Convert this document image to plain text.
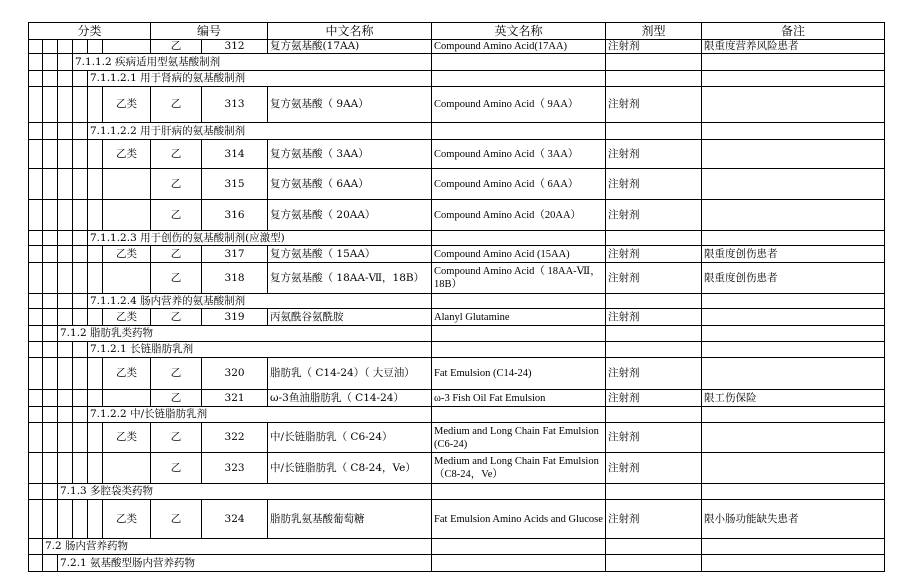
分类						编号		中文名称	英文名称	剂型	备注
						乙	312	复方氨基酸(17AA)	Compound Amino Acid(17AA)	注射剂	限重度营养风险患者
			7.1.1.2 疾病适用型氨基酸制剂								
				7.1.1.2.1 用于肾病的氨基酸制剂							
					乙类	乙	313	复方氨基酸（ 9AA）	Compound Amino Acid（ 9AA）	注射剂	
				7.1.1.2.2 用于肝病的氨基酸制剂							
					乙类	乙	314	复方氨基酸（ 3AA）	Compound Amino Acid（ 3AA）	注射剂	
						乙	315	复方氨基酸（ 6AA）	Compound Amino Acid（ 6AA）	注射剂	
						乙	316	复方氨基酸（ 20AA）	Compound Amino Acid（20AA）	注射剂	
				7.1.1.2.3 用于创伤的氨基酸制剂(应激型)							
					乙类	乙	317	复方氨基酸（ 15AA）	Compound Amino Acid (15AA)	注射剂	限重度创伤患者
						乙	318	复方氨基酸（ 18AA-Ⅶ，18B）	Compound Amino Acid（ 18AA-Ⅶ，18B）	注射剂	限重度创伤患者
				7.1.1.2.4 肠内营养的氨基酸制剂							
					乙类	乙	319	丙氨酰谷氨酰胺	Alanyl Glutamine	注射剂	
		7.1.2 脂肪乳类药物									
				7.1.2.1 长链脂肪乳剂							
					乙类	乙	320	脂肪乳（ C14-24）（ 大豆油）	Fat Emulsion (C14-24)	注射剂	
						乙	321	ω-3鱼油脂肪乳（ C14-24）	ω-3 Fish Oil Fat Emulsion	注射剂	限工伤保险
				7.1.2.2 中/长链脂肪乳剂							
					乙类	乙	322	中/长链脂肪乳（ C6-24）	Medium and Long Chain Fat Emulsion (C6-24)	注射剂	
						乙	323	中/长链脂肪乳（ C8-24，Ve）	Medium and Long Chain Fat Emulsion（C8-24，Ve）	注射剂	
		7.1.3 多腔袋类药物									
					乙类	乙	324	脂肪乳氨基酸葡萄糖	Fat Emulsion Amino Acids and Glucose	注射剂	限小肠功能缺失患者
	7.2 肠内营养药物										
		7.2.1 氨基酸型肠内营养药物									
